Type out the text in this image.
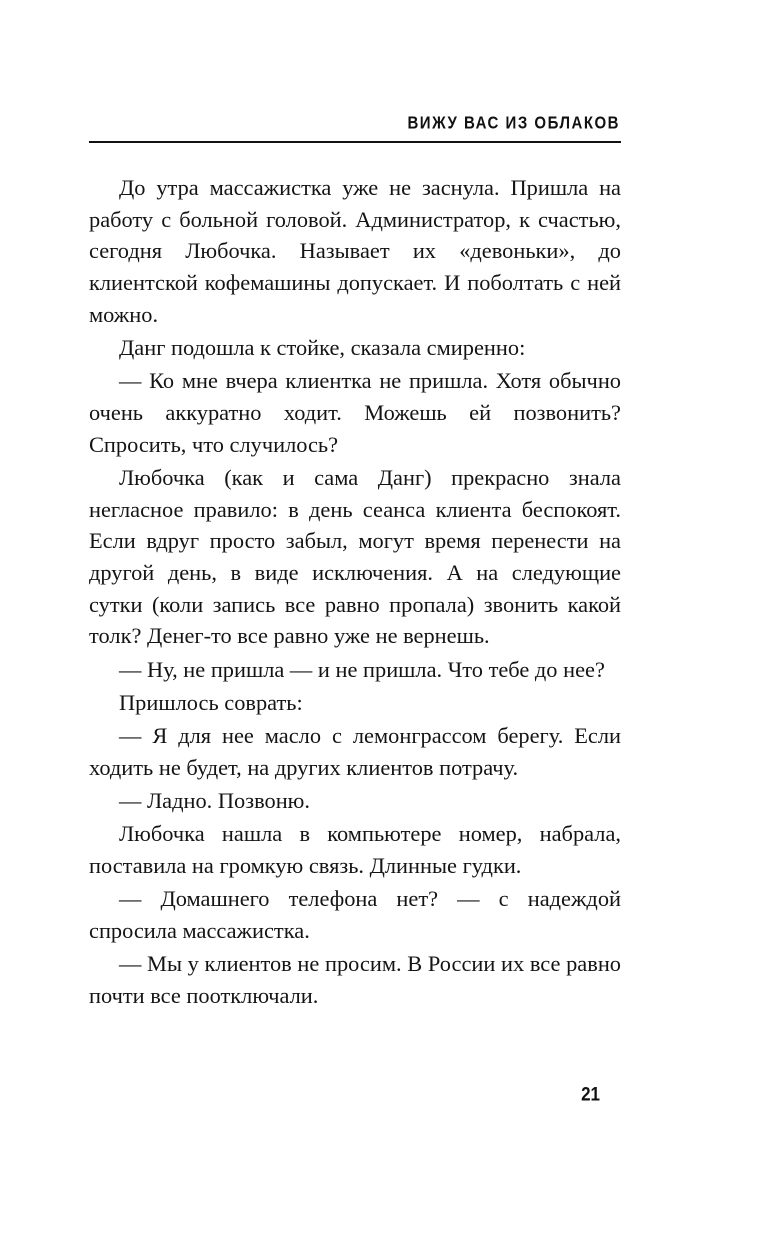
ВИЖУ ВАС ИЗ ОБЛАКОВ

До утра массажистка уже не заснула. Пришла на работу с больной головой. Администратор, к счастью, сегодня Любочка. Называет их «девоньки», до клиентской кофемашины допускает. И поболтать с ней можно.

Данг подошла к стойке, сказала смиренно:

— Ко мне вчера клиентка не пришла. Хотя обычно очень аккуратно ходит. Можешь ей позвонить? Спросить, что случилось?

Любочка (как и сама Данг) прекрасно знала негласное правило: в день сеанса клиента беспокоят. Если вдруг просто забыл, могут время перенести на другой день, в виде исключения. А на следующие сутки (коли запись все равно пропала) звонить какой толк? Денег-то все равно уже не вернешь.

— Ну, не пришла — и не пришла. Что тебе до нее?

Пришлось соврать:

— Я для нее масло с лемонграссом берегу. Если ходить не будет, на других клиентов потрачу.

— Ладно. Позвоню.

Любочка нашла в компьютере номер, набрала, поставила на громкую связь. Длинные гудки.

— Домашнего телефона нет? — с надеждой спросила массажистка.

— Мы у клиентов не просим. В России их все равно почти все поотключали.

21
